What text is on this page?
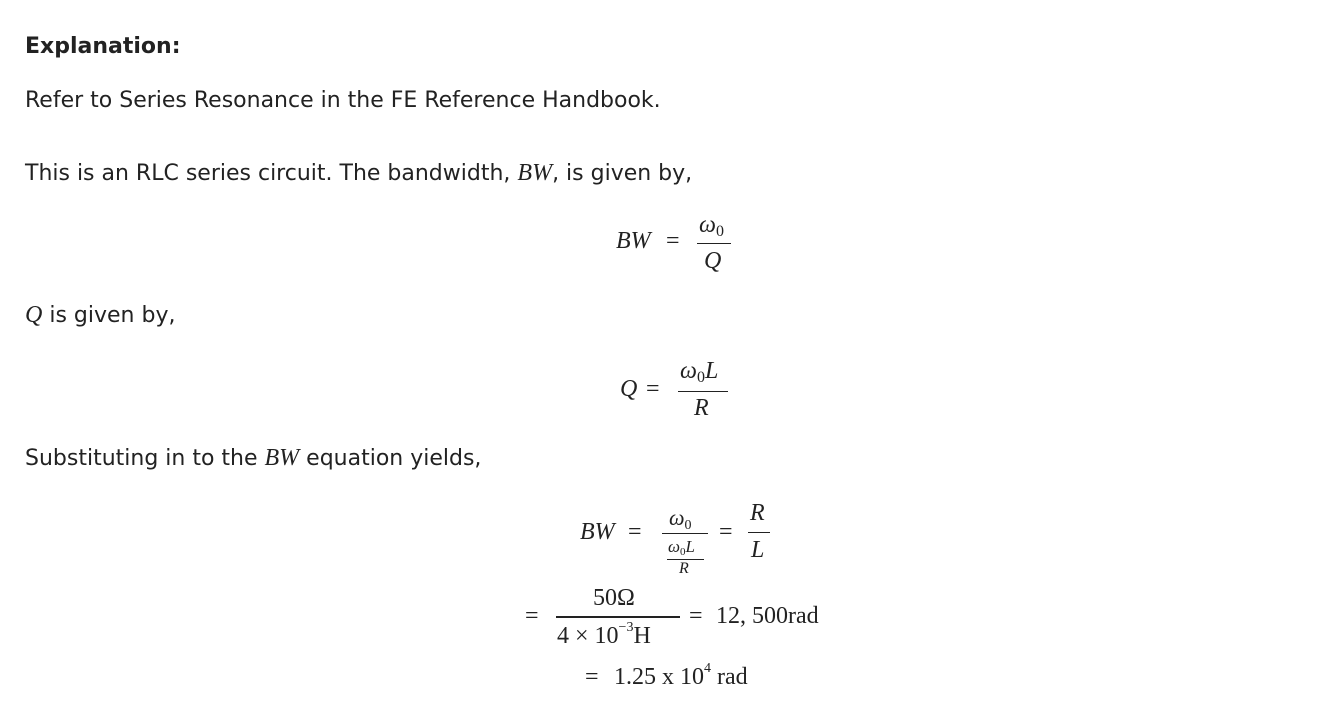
Explanation:
Refer to Series Resonance in the FE Reference Handbook.
This is an RLC series circuit. The bandwidth, BW, is given by,
BW =
ω0
Q
Q is given by,
Q =
ω0L
R
Substituting in to the BW equation yields,
BW =
ω0
ω0L
R
=
R
L
=
50Ω
$4 \times 10^{-3}H$
= 12, 500rad
= 1.25 x $10^4$ rad
